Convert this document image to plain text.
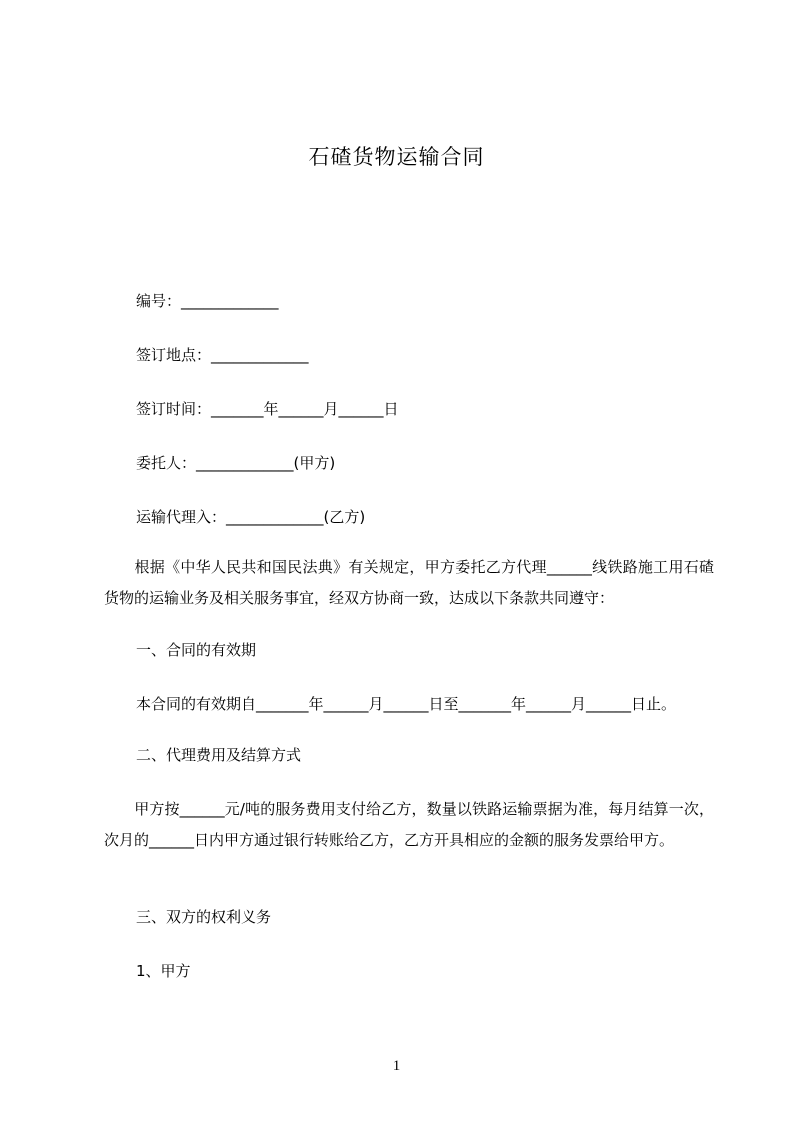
石碴货物运输合同
编号：_____________
签订地点：_____________
签订时间：_______年______月______日
委托人：_____________(甲方)
运输代理入：_____________(乙方)
　　根据《中华人民共和国民法典》有关规定，甲方委托乙方代理______线铁路施工用石碴货物的运输业务及相关服务事宜，经双方协商一致，达成以下条款共同遵守：
一、合同的有效期
本合同的有效期自_______年______月______日至_______年______月______日止。
二、代理费用及结算方式
　　甲方按______元/吨的服务费用支付给乙方，数量以铁路运输票据为准，每月结算一次，次月的______日内甲方通过银行转账给乙方，乙方开具相应的金额的服务发票给甲方。
三、双方的权利义务
1、甲方
1
